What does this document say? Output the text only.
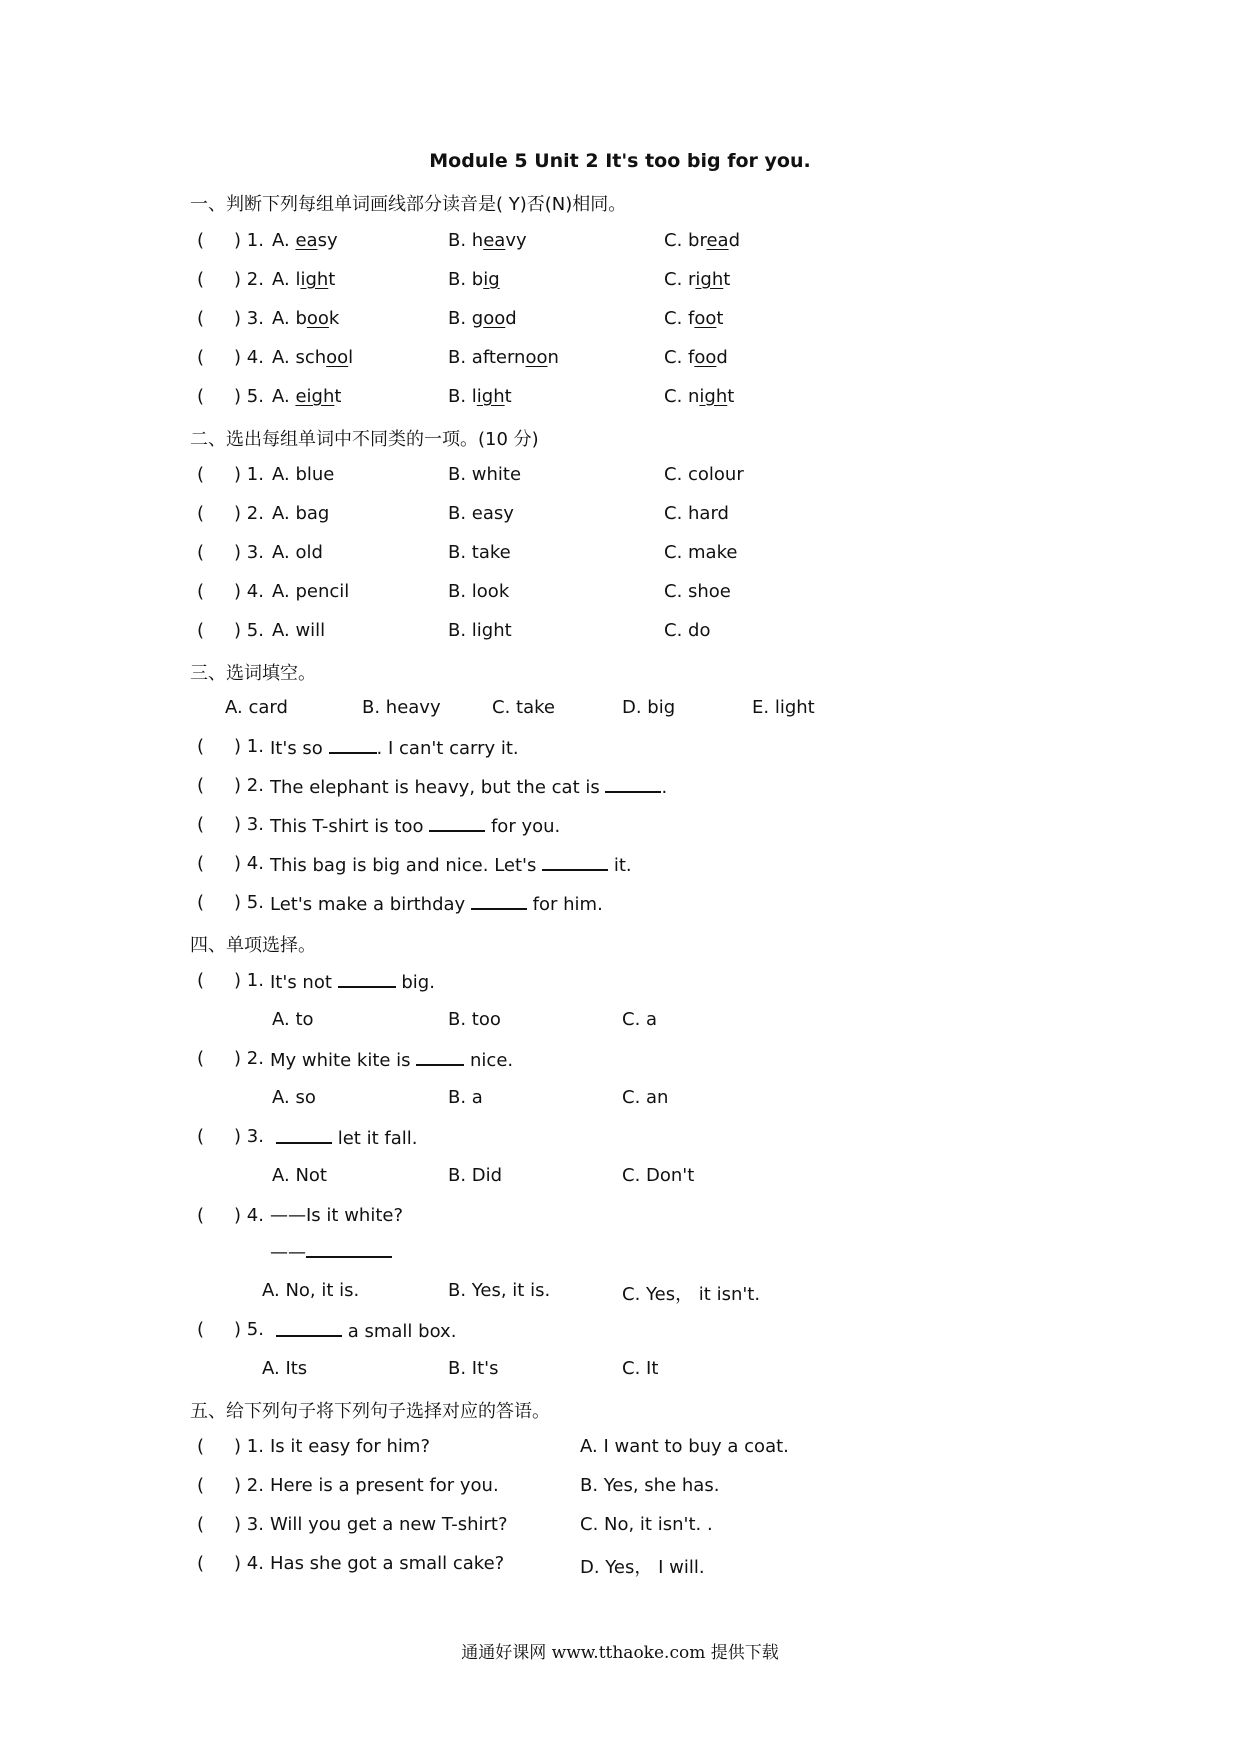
Module 5 Unit 2 It's too big for you.
一、判断下列每组单词画线部分读音是( Y)否(N)相同。
( ) 1. A. easy	B. heavy	C. bread
( ) 2. A. light	B. big	C. right
( ) 3. A. book	B. good	C. foot
( ) 4. A. school	B. afternoon	C. food
( ) 5. A. eight	B. light	C. night
二、选出每组单词中不同类的一项。(10 分)
( ) 1. A. blue	B. white	C. colour
( ) 2. A. bag	B. easy	C. hard
( ) 3. A. old	B. take	C. make
( ) 4. A. pencil	B. look	C. shoe
( ) 5. A. will	B. light	C. do
三、选词填空。
A. card	B. heavy	C. take	D. big	E. light
( ) 1. It's so	. I can't carry it.
( ) 2. The elephant is heavy, but the cat is	.
( ) 3. This T-shirt is too	for you.
( ) 4. This bag is big and nice. Let's	it.
( ) 5. Let's make a birthday	for him.
四、单项选择。
( ) 1. It's not	big.
A. to	B. too	C. a
( ) 2. My white kite is	nice.
A. so	B. a	C. an
( ) 3.	let it fall.
A. Not	B. Did	C. Don't
( ) 4. ——Is it white?
——
A. No, it is.	B. Yes, it is.	C. Yes， it isn't.
( ) 5.	a small box.
A. Its	B. It's	C. It
五、给下列句子将下列句子选择对应的答语。
( ) 1. Is it easy for him?	A. I want to buy a coat.
( ) 2. Here is a present for you.	B. Yes, she has.
( ) 3. Will you get a new T-shirt?	C. No, it isn't. .
( ) 4. Has she got a small cake?	D. Yes， I will.
通通好课网 www.tthaoke.com 提供下载
